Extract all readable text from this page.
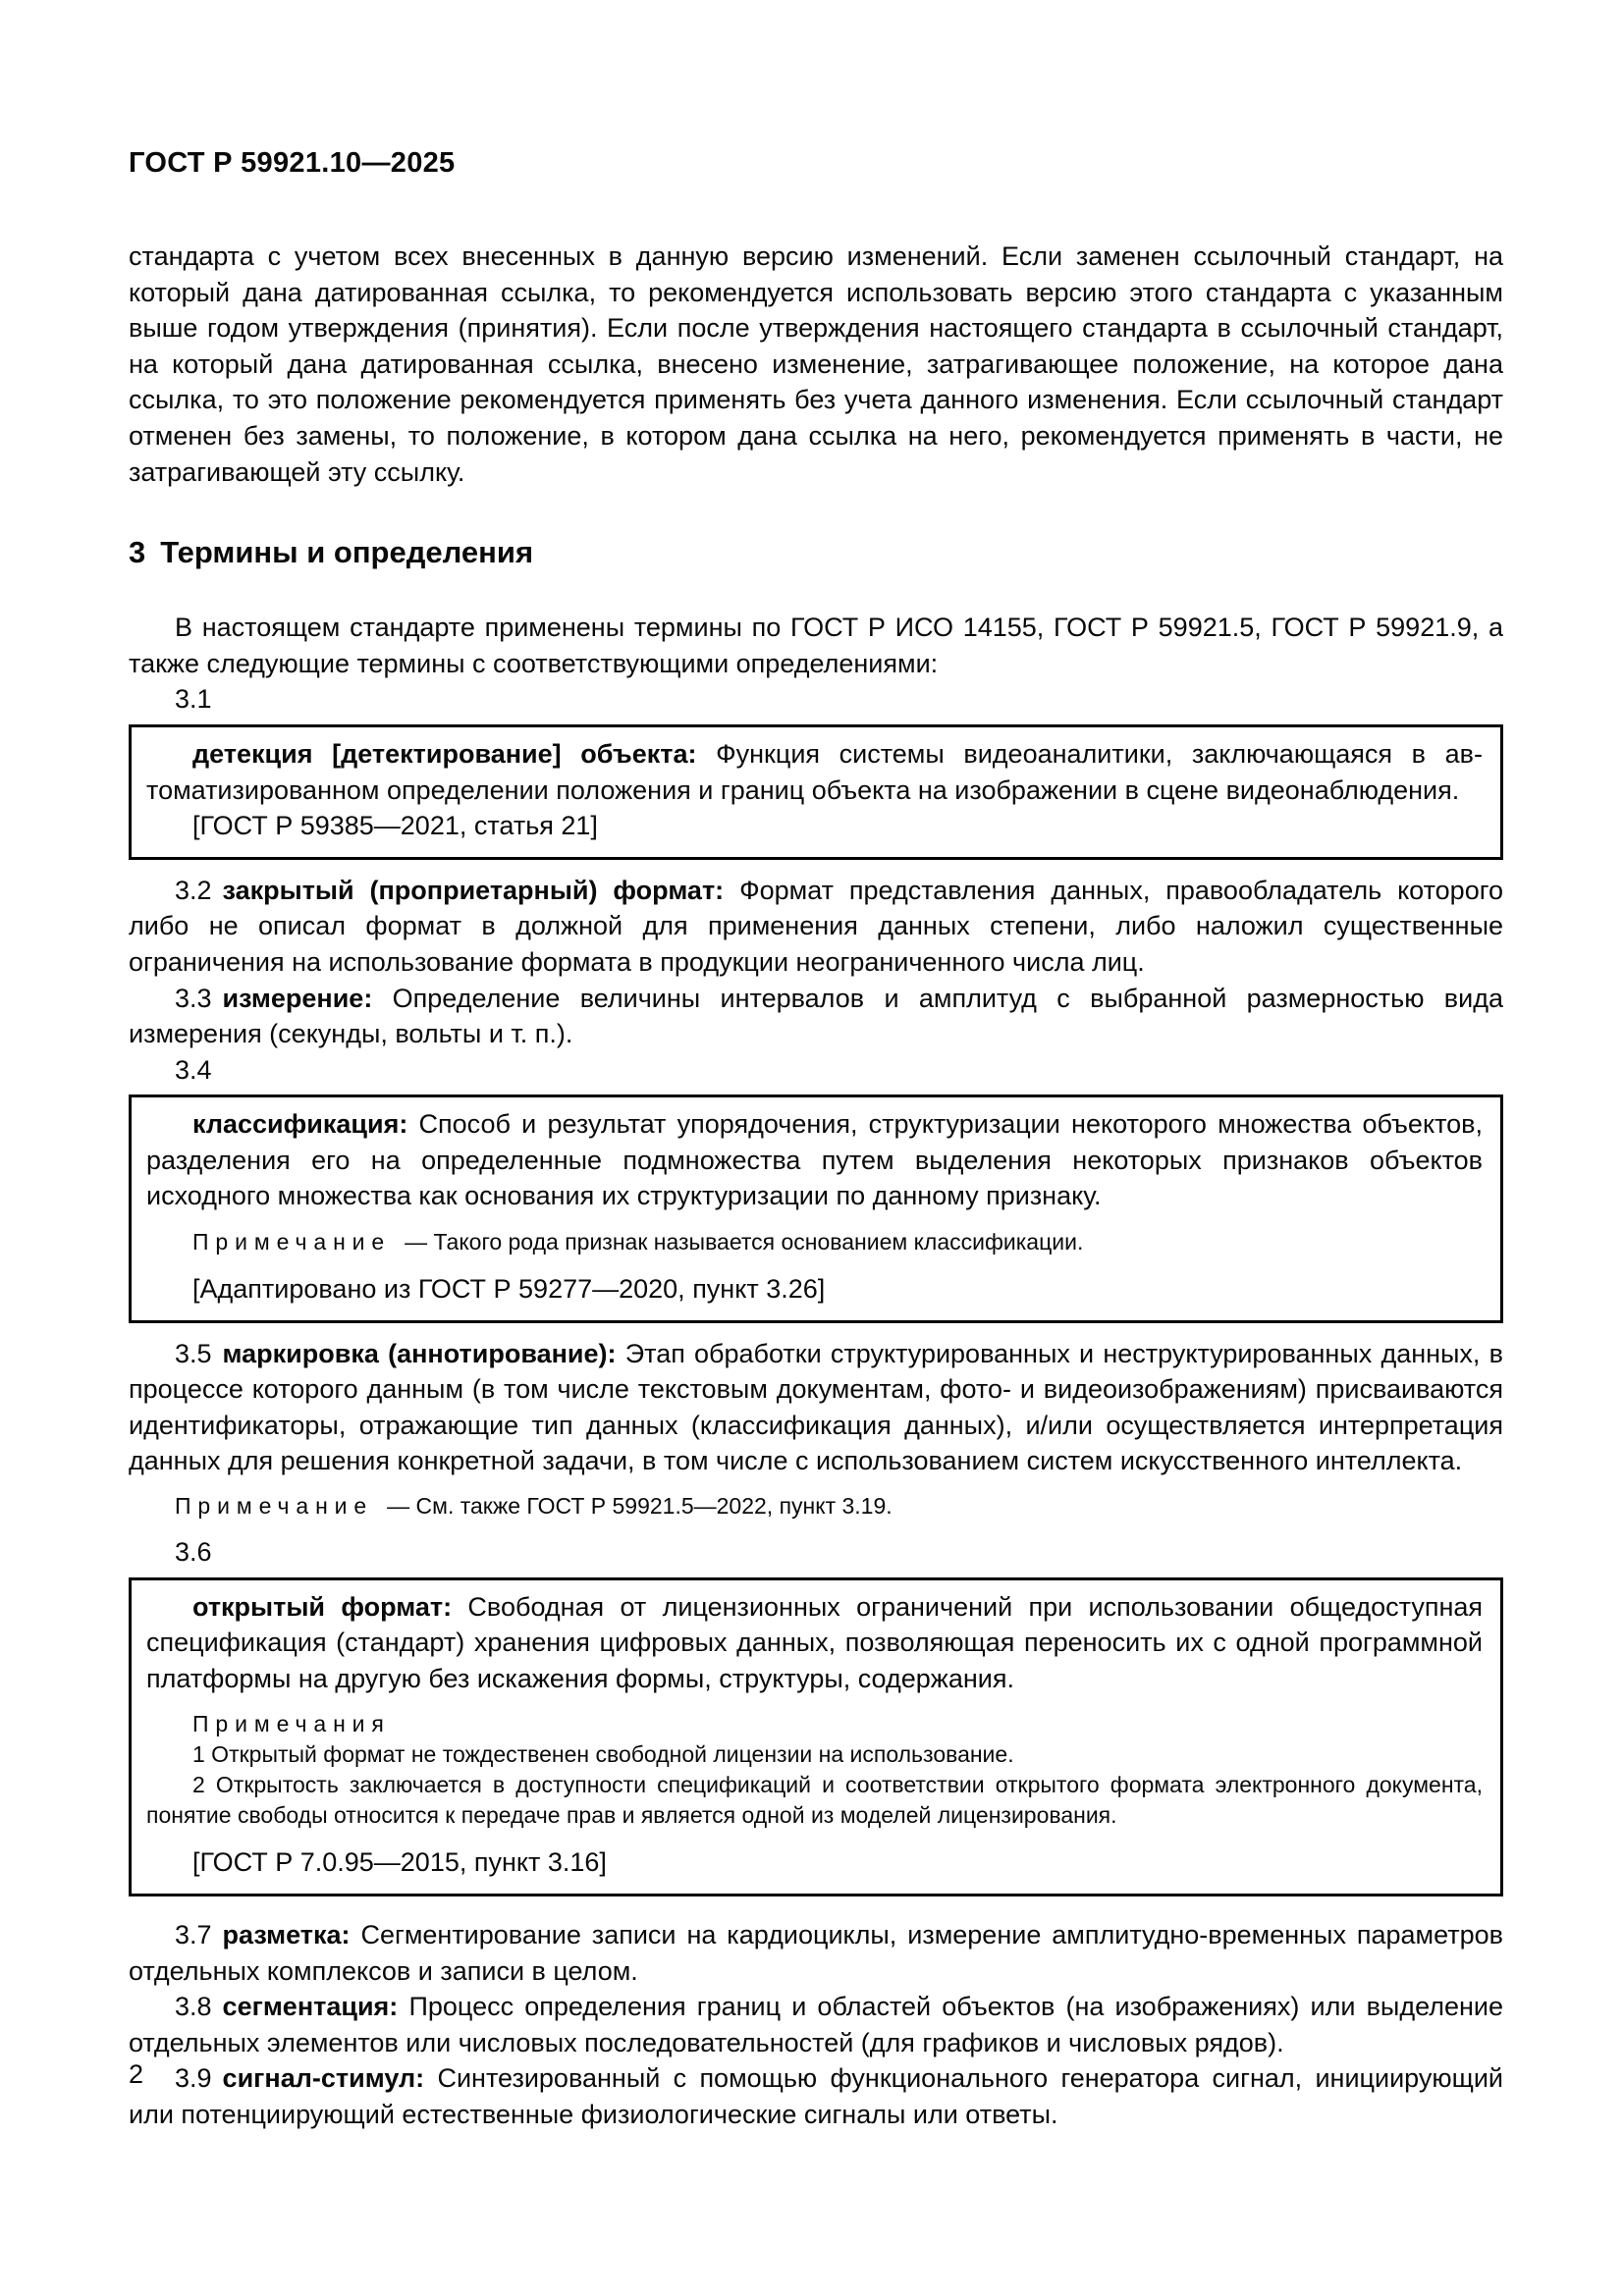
ГОСТ Р 59921.10—2025

стандарта с учетом всех внесенных в данную версию изменений. Если заменен ссылочный стандарт, на который дана датированная ссылка, то рекомендуется использовать версию этого стандарта с указанным выше годом утверждения (принятия). Если после утверждения настоящего стандарта в ссылочный стандарт, на который дана датированная ссылка, внесено изменение, затрагивающее положение, на которое дана ссылка, то это положение рекомендуется применять без учета данного изменения. Если ссылочный стандарт отменен без замены, то положение, в котором дана ссылка на него, рекомендуется применять в части, не затрагивающей эту ссылку.

3 Термины и определения

В настоящем стандарте применены термины по ГОСТ Р ИСО 14155, ГОСТ Р 59921.5, ГОСТ Р 59921.9, а также следующие термины с соответствующими определениями:

3.1

детекция [детектирование] объекта: Функция системы видеоаналитики, заключающаяся в автоматизированном определении положения и границ объекта на изображении в сцене видеонаблюдения.

[ГОСТ Р 59385—2021, статья 21]

3.2 закрытый (проприетарный) формат: Формат представления данных, правообладатель которого либо не описал формат в должной для применения данных степени, либо наложил существенные ограничения на использование формата в продукции неограниченного числа лиц.

3.3 измерение: Определение величины интервалов и амплитуд с выбранной размерностью вида измерения (секунды, вольты и т. п.).

3.4

классификация: Способ и результат упорядочения, структуризации некоторого множества объектов, разделения его на определенные подмножества путем выделения некоторых признаков объектов исходного множества как основания их структуризации по данному признаку.

Примечание — Такого рода признак называется основанием классификации.

[Адаптировано из ГОСТ Р 59277—2020, пункт 3.26]

3.5 маркировка (аннотирование): Этап обработки структурированных и неструктурированных данных, в процессе которого данным (в том числе текстовым документам, фото- и видеоизображениям) присваиваются идентификаторы, отражающие тип данных (классификация данных), и/или осуществляется интерпретация данных для решения конкретной задачи, в том числе с использованием систем искусственного интеллекта.

Примечание — См. также ГОСТ Р 59921.5—2022, пункт 3.19.

3.6

открытый формат: Свободная от лицензионных ограничений при использовании общедоступная спецификация (стандарт) хранения цифровых данных, позволяющая переносить их с одной программной платформы на другую без искажения формы, структуры, содержания.

Примечания

1 Открытый формат не тождественен свободной лицензии на использование.

2 Открытость заключается в доступности спецификаций и соответствии открытого формата электронного документа, понятие свободы относится к передаче прав и является одной из моделей лицензирования.

[ГОСТ Р 7.0.95—2015, пункт 3.16]

3.7 разметка: Сегментирование записи на кардиоциклы, измерение амплитудно-временных параметров отдельных комплексов и записи в целом.

3.8 сегментация: Процесс определения границ и областей объектов (на изображениях) или выделение отдельных элементов или числовых последовательностей (для графиков и числовых рядов).

3.9 сигнал-стимул: Синтезированный с помощью функционального генератора сигнал, инициирующий или потенциирующий естественные физиологические сигналы или ответы.

2
